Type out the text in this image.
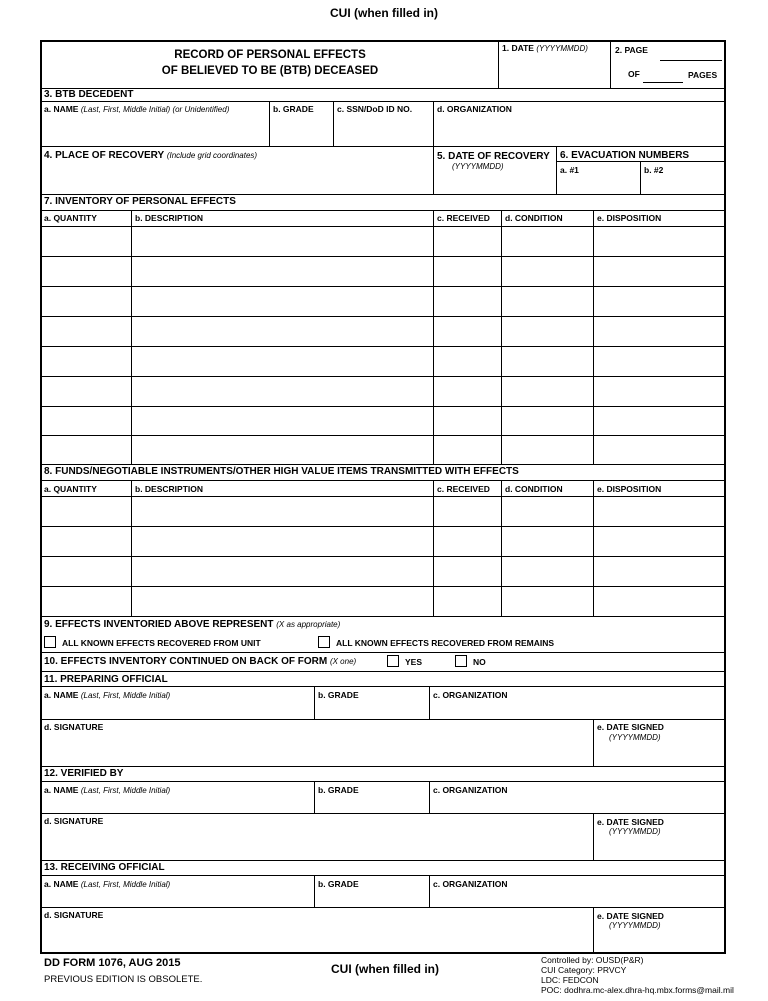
CUI (when filled in)
RECORD OF PERSONAL EFFECTS
OF BELIEVED TO BE (BTB) DECEASED
1. DATE (YYYYMMDD)	2. PAGE
OF	PAGES
3. BTB DECEDENT
a. NAME (Last, First, Middle Initial) (or Unidentified)	b. GRADE	c. SSN/DoD ID NO.	d. ORGANIZATION
4. PLACE OF RECOVERY (Include grid coordinates)	5. DATE OF RECOVERY
(YYYYMMDD)
6. EVACUATION NUMBERS
a. #1	b. #2
7. INVENTORY OF PERSONAL EFFECTS
a. QUANTITY	b. DESCRIPTION	c. RECEIVED d. CONDITION	e. DISPOSITION
8. FUNDS/NEGOTIABLE INSTRUMENTS/OTHER HIGH VALUE ITEMS TRANSMITTED WITH EFFECTS
a. QUANTITY	b. DESCRIPTION	c. RECEIVED d. CONDITION	e. DISPOSITION
9. EFFECTS INVENTORIED ABOVE REPRESENT (X as appropriate)
ALL KNOWN EFFECTS RECOVERED FROM UNIT	ALL KNOWN EFFECTS RECOVERED FROM REMAINS
10. EFFECTS INVENTORY CONTINUED ON BACK OF FORM (X one)	YES	NO
11. PREPARING OFFICIAL
a. NAME (Last, First, Middle Initial)	b. GRADE	c. ORGANIZATION
d. SIGNATURE	e. DATE SIGNED
(YYYYMMDD)
12. VERIFIED BY
a. NAME (Last, First, Middle Initial)	b. GRADE	c. ORGANIZATION
d. SIGNATURE	e. DATE SIGNED
(YYYYMMDD)
13. RECEIVING OFFICIAL
a. NAME (Last, First, Middle Initial)	b. GRADE	c. ORGANIZATION
d. SIGNATURE	e. DATE SIGNED
(YYYYMMDD)
DD FORM 1076, AUG 2015
PREVIOUS EDITION IS OBSOLETE.
CUI (when filled in)
Controlled by: OUSD(P&R)
CUI Category: PRVCY
LDC: FEDCON
POC: dodhra.mc-alex.dhra-hq.mbx.forms@mail.mil
